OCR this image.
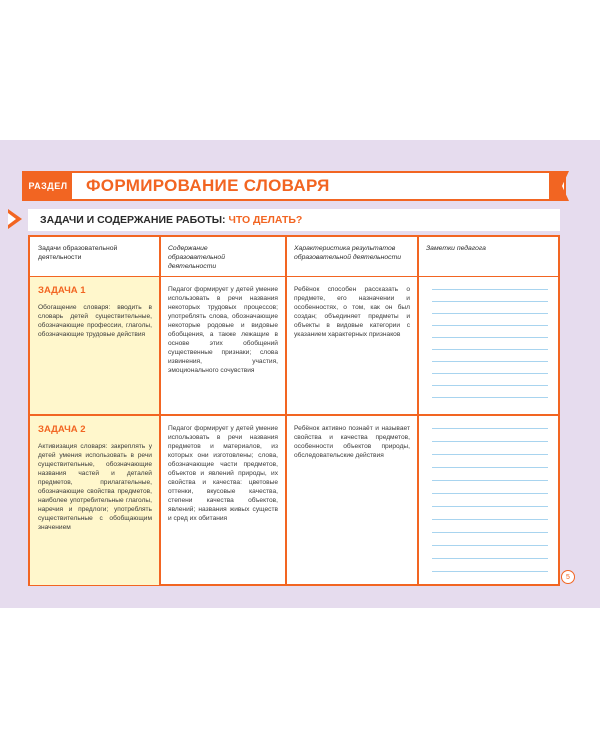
РАЗДЕЛ ФОРМИРОВАНИЕ СЛОВАРЯ
ЗАДАЧИ И СОДЕРЖАНИЕ РАБОТЫ: ЧТО ДЕЛАТЬ?
Задачи образовательной деятельности
Содержание образовательной деятельности
Характеристика результатов образовательной деятельности
Заметки педагога
ЗАДАЧА 1
Обогащение словаря: вводить в словарь детей существительные, обозначающие профессии, глаголы, обозначающие трудовые действия
Педагог формирует у детей умение использовать в речи названия некоторых трудовых процессов; употреблять слова, обозначающие некоторые родовые и видовые обобщения, а также лежащие в основе этих обобщений существенные признаки; слова извинения, участия, эмоционального сочувствия
Ребёнок способен рассказать о предмете, его назначении и особенностях, о том, как он был создан; объединяет предметы и объекты в видовые категории с указанием характерных признаков
ЗАДАЧА 2
Активизация словаря: закреплять у детей умения использовать в речи существительные, обозначающие названия частей и деталей предметов, прилагательные, обозначающие свойства предметов, наиболее употребительные глаголы, наречия и предлоги; употреблять существительные с обобщающим значением
Педагог формирует у детей умение использовать в речи названия предметов и материалов, из которых они изготовлены; слова, обозначающие части предметов, объектов и явлений природы, их свойства и качества: цветовые оттенки, вкусовые качества, степени качества объектов, явлений; названия живых существ и сред их обитания
Ребёнок активно познаёт и называет свойства и качества предметов, особенности объектов природы, обследовательские действия
5
